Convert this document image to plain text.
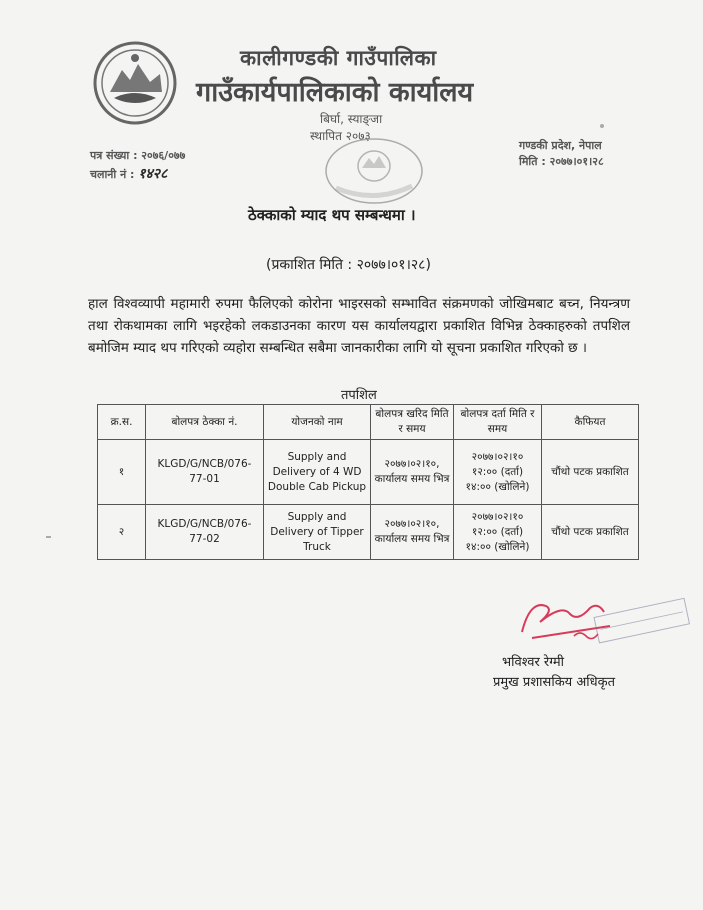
कालीगण्डकी गाउँपालिका
गाउँकार्यपालिकाको कार्यालय
बिर्घा, स्याङ्जा
स्थापित २०७३
पत्र संख्या : २०७६/०७७
चलानी नं : १४२८
गण्डकी प्रदेश, नेपाल
मिति : २०७७।०१।२८
ठेक्काको म्याद थप सम्बन्धमा ।
(प्रकाशित मिति : २०७७।०१।२८)
हाल विश्वव्यापी महामारी रुपमा फैलिएको कोरोना भाइरसको सम्भावित संक्रमणको जोखिमबाट बच्न, नियन्त्रण तथा रोकथामका लागि भइरहेको लकडाउनका कारण यस कार्यालयद्वारा प्रकाशित विभिन्न ठेक्काहरुको तपशिल बमोजिम म्याद थप गरिएको व्यहोरा सम्बन्धित सबैमा जानकारीका लागि यो सूचना प्रकाशित गरिएको छ ।
तपशिल
क्र.स.	बोलपत्र ठेक्का नं.	योजनको नाम	बोलपत्र खरिद मिति र समय	बोलपत्र दर्ता मिति र समय	कैफियत
१	KLGD/G/NCB/076-77-01	Supply and Delivery of 4 WD Double Cab Pickup	२०७७।०२।१०, कार्यालय समय भित्र	२०७७।०२।१०
१२:०० (दर्ता)
१४:०० (खोलिने)	चौंथो पटक प्रकाशित
२	KLGD/G/NCB/076-77-02	Supply and Delivery of Tipper Truck	२०७७।०२।१०, कार्यालय समय भित्र	२०७७।०२।१०
१२:०० (दर्ता)
१४:०० (खोलिने)	चौंथो पटक प्रकाशित
भविश्वर रेग्मी
प्रमुख प्रशासकिय अधिकृत
